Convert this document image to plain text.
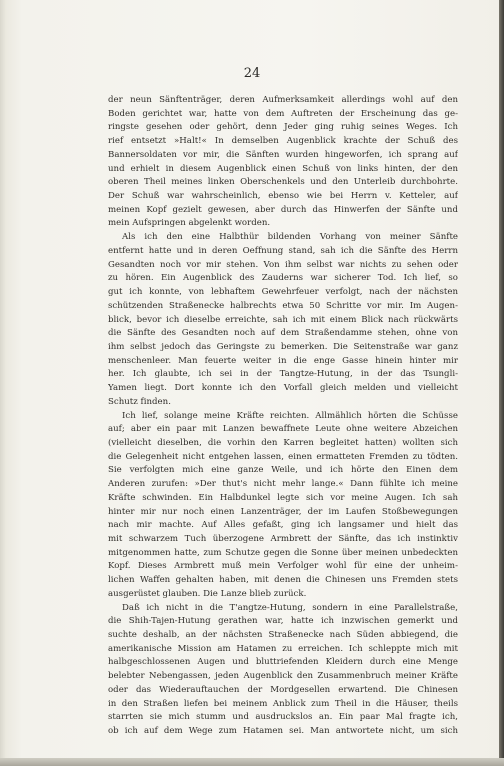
24
der neun Sänftenträger, deren Aufmerksamkeit allerdings wohl auf den
Boden gerichtet war, hatte von dem Auftreten der Erscheinung das ge-
ringste gesehen oder gehört, denn Jeder ging ruhig seines Weges. Ich
rief entsetzt »Halt!« In demselben Augenblick krachte der Schuß des
Bannersoldaten vor mir, die Sänften wurden hingeworfen, ich sprang auf
und erhielt in diesem Augenblick einen Schuß von links hinten, der den
oberen Theil meines linken Oberschenkels und den Unterleib durchbohrte.
Der Schuß war wahrscheinlich, ebenso wie bei Herrn v. Ketteler, auf
meinen Kopf gezielt gewesen, aber durch das Hinwerfen der Sänfte und
mein Aufspringen abgelenkt worden.
Als ich den eine Halbthür bildenden Vorhang von meiner Sänfte
entfernt hatte und in deren Oeffnung stand, sah ich die Sänfte des Herrn
Gesandten noch vor mir stehen. Von ihm selbst war nichts zu sehen oder
zu hören. Ein Augenblick des Zauderns war sicherer Tod. Ich lief, so
gut ich konnte, von lebhaftem Gewehrfeuer verfolgt, nach der nächsten
schützenden Straßenecke halbrechts etwa 50 Schritte vor mir. Im Augen-
blick, bevor ich dieselbe erreichte, sah ich mit einem Blick nach rückwärts
die Sänfte des Gesandten noch auf dem Straßendamme stehen, ohne von
ihm selbst jedoch das Geringste zu bemerken. Die Seitenstraße war ganz
menschenleer. Man feuerte weiter in die enge Gasse hinein hinter mir
her. Ich glaubte, ich sei in der Tangtze-Hutung, in der das Tsungli-
Yamen liegt. Dort konnte ich den Vorfall gleich melden und vielleicht
Schutz finden.
Ich lief, solange meine Kräfte reichten. Allmählich hörten die Schüsse
auf; aber ein paar mit Lanzen bewaffnete Leute ohne weitere Abzeichen
(vielleicht dieselben, die vorhin den Karren begleitet hatten) wollten sich
die Gelegenheit nicht entgehen lassen, einen ermatteten Fremden zu tödten.
Sie verfolgten mich eine ganze Weile, und ich hörte den Einen dem
Anderen zurufen: »Der thut's nicht mehr lange.« Dann fühlte ich meine
Kräfte schwinden. Ein Halbdunkel legte sich vor meine Augen. Ich sah
hinter mir nur noch einen Lanzenträger, der im Laufen Stoßbewegungen
nach mir machte. Auf Alles gefaßt, ging ich langsamer und hielt das
mit schwarzem Tuch überzogene Armbrett der Sänfte, das ich instinktiv
mitgenommen hatte, zum Schutze gegen die Sonne über meinen unbedeckten
Kopf. Dieses Armbrett muß mein Verfolger wohl für eine der unheim-
lichen Waffen gehalten haben, mit denen die Chinesen uns Fremden stets
ausgerüstet glauben. Die Lanze blieb zurück.
Daß ich nicht in die T'angtze-Hutung, sondern in eine Parallelstraße,
die Shih-Tajen-Hutung gerathen war, hatte ich inzwischen gemerkt und
suchte deshalb, an der nächsten Straßenecke nach Süden abbiegend, die
amerikanische Mission am Hatamen zu erreichen. Ich schleppte mich mit
halbgeschlossenen Augen und bluttriefenden Kleidern durch eine Menge
belebter Nebengassen, jeden Augenblick den Zusammenbruch meiner Kräfte
oder das Wiederauftauchen der Mordgesellen erwartend. Die Chinesen
in den Straßen liefen bei meinem Anblick zum Theil in die Häuser, theils
starrten sie mich stumm und ausdruckslos an. Ein paar Mal fragte ich,
ob ich auf dem Wege zum Hatamen sei. Man antwortete nicht, um sich
